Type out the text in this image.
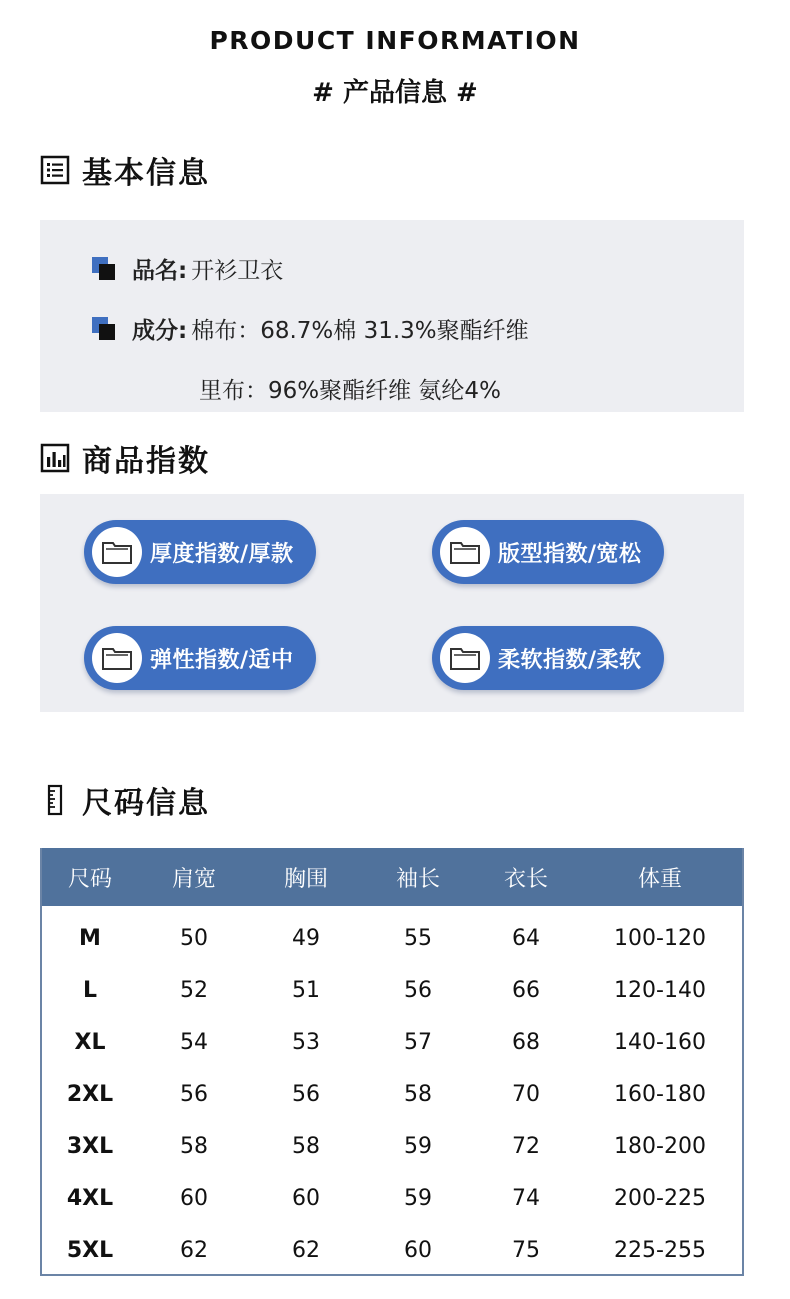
PRODUCT INFORMATION
# 产品信息 #
基本信息
品名: 开衫卫衣
成分: 棉布：68.7%棉 31.3%聚酯纤维
里布：96%聚酯纤维 氨纶4%
商品指数
厚度指数/厚款	版型指数/宽松
弹性指数/适中	柔软指数/柔软
尺码信息
尺码	肩宽	胸围	袖长	衣长	体重
M	50	49	55	64	100-120
L	52	51	56	66	120-140
XL	54	53	57	68	140-160
2XL	56	56	58	70	160-180
3XL	58	58	59	72	180-200
4XL	60	60	59	74	200-225
5XL	62	62	60	75	225-255
